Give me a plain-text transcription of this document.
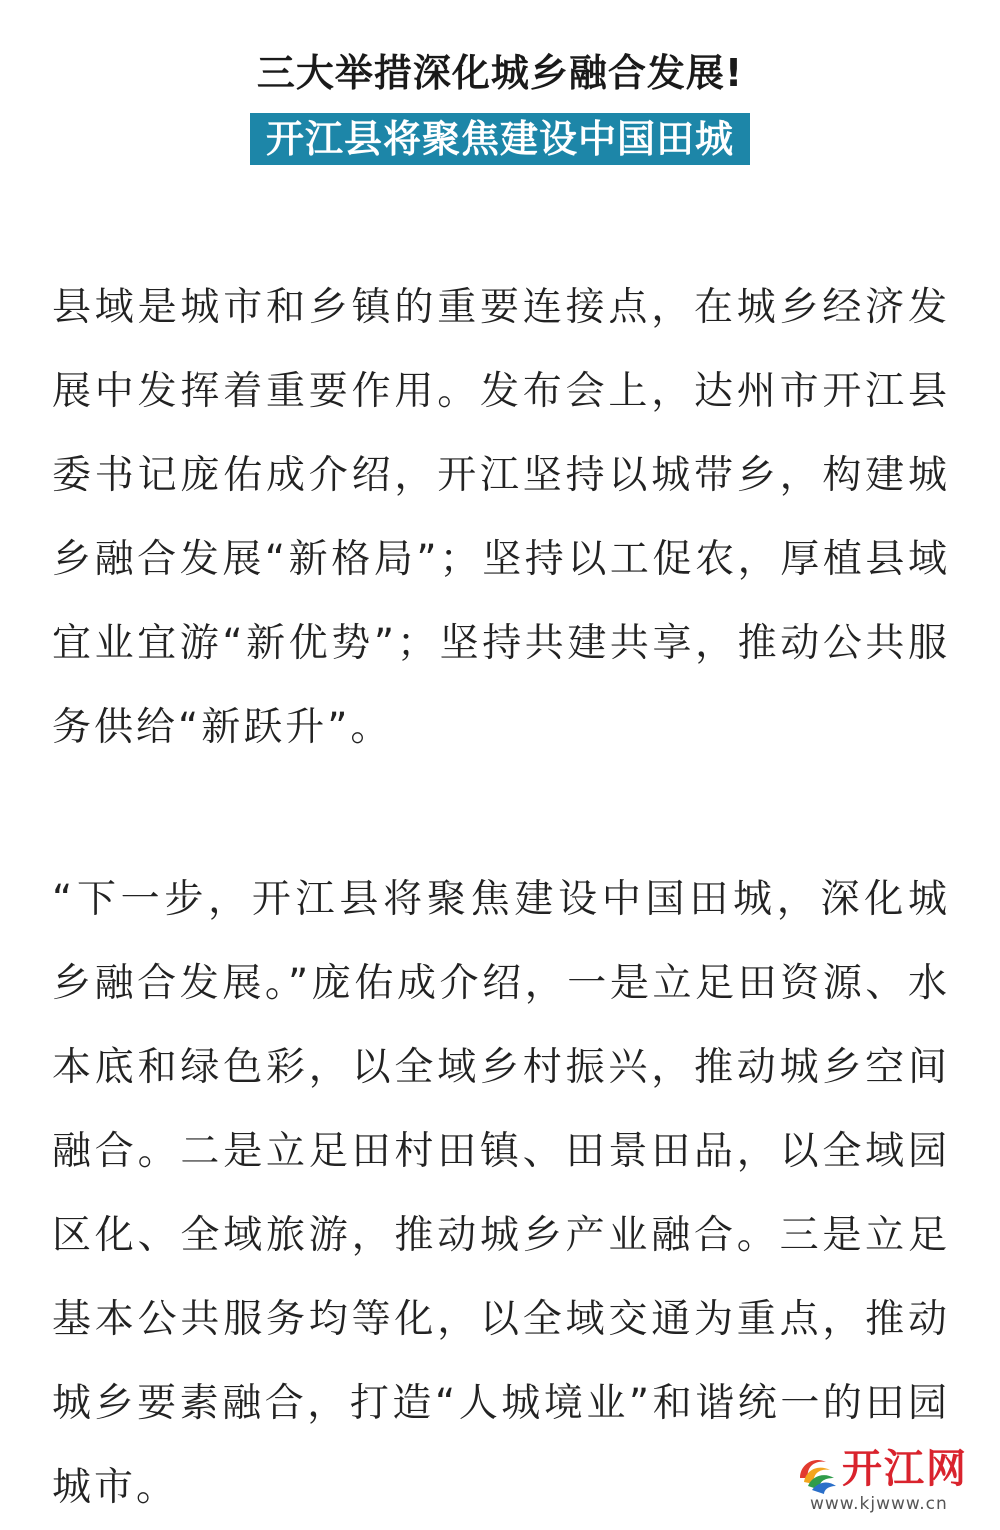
三大举措深化城乡融合发展!
开江县将聚焦建设中国田城

县域是城市和乡镇的重要连接点，在城乡经济发展中发挥着重要作用。发布会上，达州市开江县委书记庞佑成介绍，开江坚持以城带乡，构建城乡融合发展“新格局”；坚持以工促农，厚植县域宜业宜游“新优势”；坚持共建共享，推动公共服务供给“新跃升”。

“下一步，开江县将聚焦建设中国田城，深化城乡融合发展。”庞佑成介绍，一是立足田资源、水本底和绿色彩，以全域乡村振兴，推动城乡空间融合。二是立足田村田镇、田景田品，以全域园区化、全域旅游，推动城乡产业融合。三是立足基本公共服务均等化，以全域交通为重点，推动城乡要素融合，打造“人城境业”和谐统一的田园城市。	开江网
www.kjwww.cn
